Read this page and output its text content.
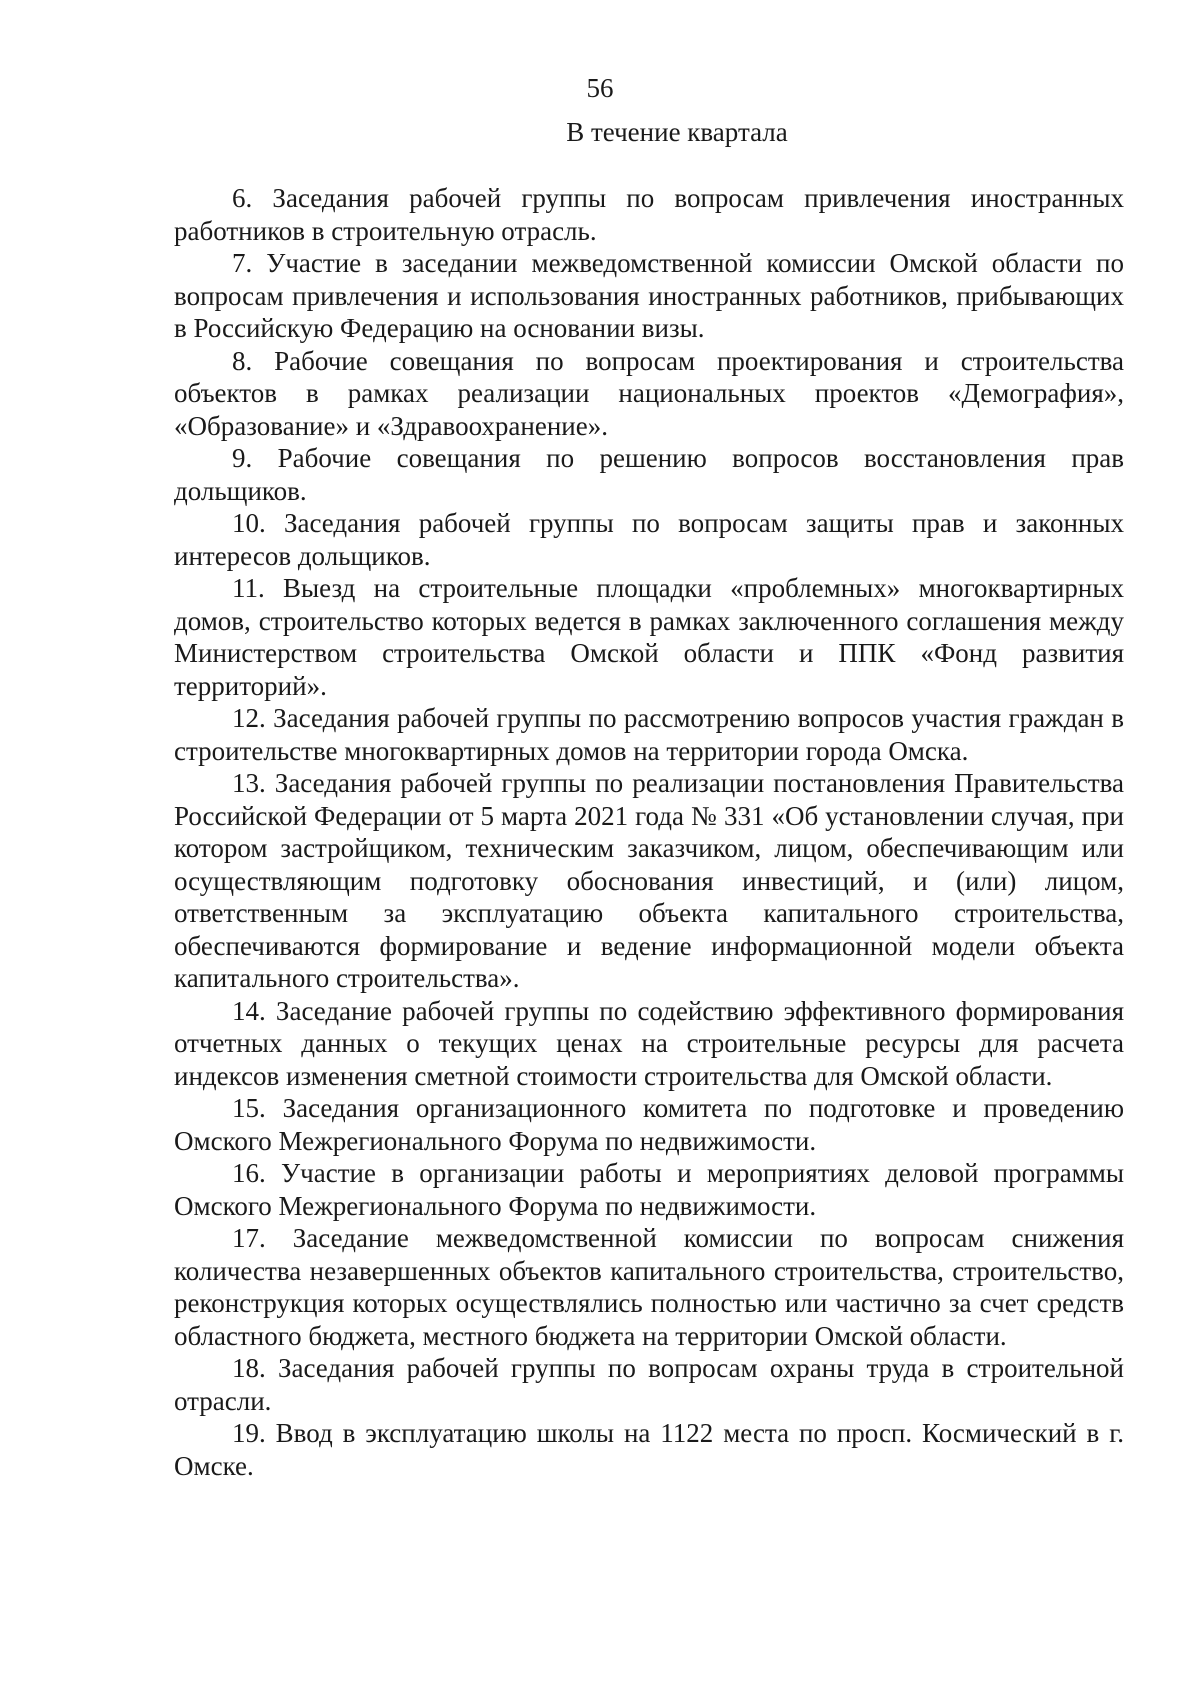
56
В течение квартала

6. Заседания рабочей группы по вопросам привлечения иностранных работников в строительную отрасль.

7. Участие в заседании межведомственной комиссии Омской области по вопросам привлечения и использования иностранных работников, прибывающих в Российскую Федерацию на основании визы.

8. Рабочие совещания по вопросам проектирования и строительства объектов в рамках реализации национальных проектов «Демография», «Образование» и «Здравоохранение».

9. Рабочие совещания по решению вопросов восстановления прав дольщиков.

10. Заседания рабочей группы по вопросам защиты прав и законных интересов дольщиков.

11. Выезд на строительные площадки «проблемных» многоквартирных домов, строительство которых ведется в рамках заключенного соглашения между Министерством строительства Омской области и ППК «Фонд развития территорий».

12. Заседания рабочей группы по рассмотрению вопросов участия граждан в строительстве многоквартирных домов на территории города Омска.

13. Заседания рабочей группы по реализации постановления Правительства Российской Федерации от 5 марта 2021 года № 331 «Об установлении случая, при котором застройщиком, техническим заказчиком, лицом, обеспечивающим или осуществляющим подготовку обоснования инвестиций, и (или) лицом, ответственным за эксплуатацию объекта капитального строительства, обеспечиваются формирование и ведение информационной модели объекта капитального строительства».

14. Заседание рабочей группы по содействию эффективного формирования отчетных данных о текущих ценах на строительные ресурсы для расчета индексов изменения сметной стоимости строительства для Омской области.

15. Заседания организационного комитета по подготовке и проведению Омского Межрегионального Форума по недвижимости.

16. Участие в организации работы и мероприятиях деловой программы Омского Межрегионального Форума по недвижимости.

17. Заседание межведомственной комиссии по вопросам снижения количества незавершенных объектов капитального строительства, строительство, реконструкция которых осуществлялись полностью или частично за счет средств областного бюджета, местного бюджета на территории Омской области.

18. Заседания рабочей группы по вопросам охраны труда в строительной отрасли.

19. Ввод в эксплуатацию школы на 1122 места по просп. Космический в г. Омске.
